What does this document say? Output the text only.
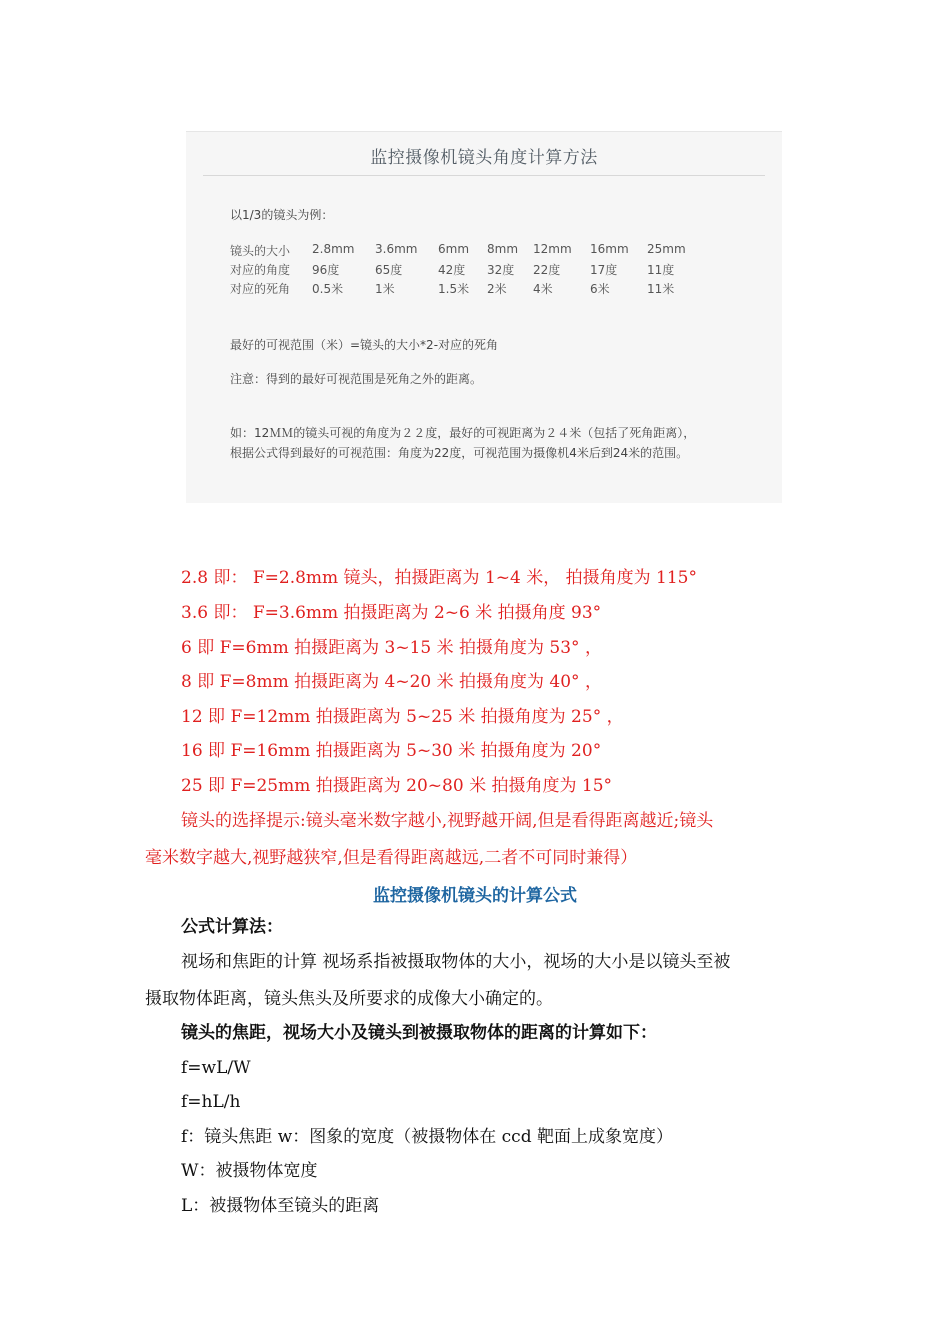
监控摄像机镜头角度计算方法
以1/3的镜头为例：
镜头的大小 2.8mm 3.6mm 6mm 8mm 12mm 16mm 25mm
对应的角度 96度	65度	42度 32度 22度 17度 11度
对应的死角 0.5米	1米	1.5米 2米 4米	6米	11米
最好的可视范围（米）=镜头的大小*2-对应的死角
注意：得到的最好可视范围是死角之外的距离。
如：12ＭＭ的镜头可视的角度为２２度，最好的可视距离为２４米（包括了死角距离），
根据公式得到最好的可视范围：角度为22度，可视范围为摄像机4米后到24米的范围。
2.8 即： F=2.8mm 镜头，拍摄距离为 1~4 米， 拍摄角度为 115°
3.6 即： F=3.6mm 拍摄距离为 2~6 米 拍摄角度 93°
6 即 F=6mm 拍摄距离为 3~15 米 拍摄角度为 53° ，
8 即 F=8mm 拍摄距离为 4~20 米 拍摄角度为 40° ，
12 即 F=12mm 拍摄距离为 5~25 米 拍摄角度为 25° ，
16 即 F=16mm 拍摄距离为 5~30 米 拍摄角度为 20°
25 即 F=25mm 拍摄距离为 20~80 米 拍摄角度为 15°
镜头的选择提示:镜头毫米数字越小,视野越开阔,但是看得距离越近;镜头
毫米数字越大,视野越狭窄,但是看得距离越远,二者不可同时兼得）
监控摄像机镜头的计算公式
公式计算法：
视场和焦距的计算 视场系指被摄取物体的大小，视场的大小是以镜头至被
摄取物体距离，镜头焦头及所要求的成像大小确定的。
镜头的焦距，视场大小及镜头到被摄取物体的距离的计算如下：
f=wL/W
f=hL/h
f：镜头焦距 w：图象的宽度（被摄物体在 ccd 靶面上成象宽度）
W：被摄物体宽度
L：被摄物体至镜头的距离
